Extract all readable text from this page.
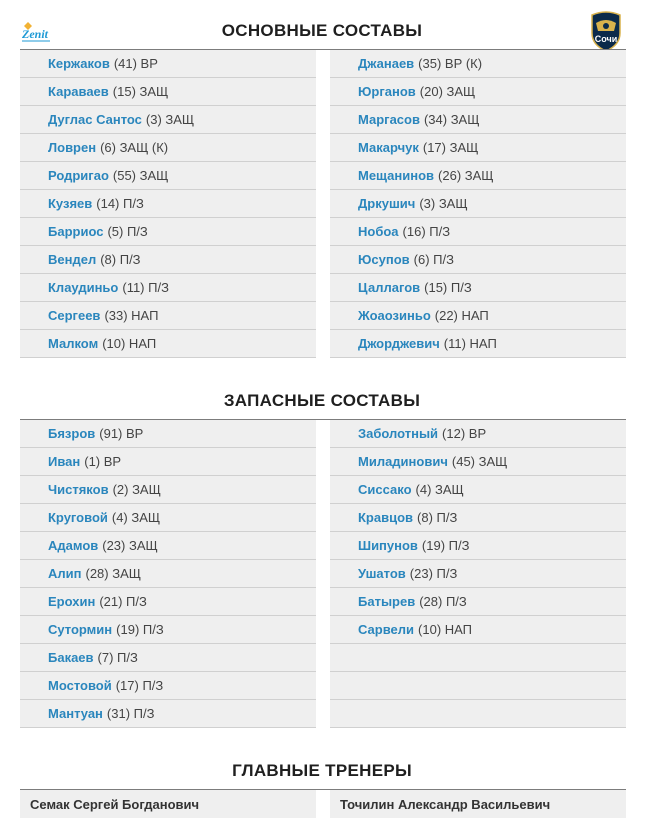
Zenit	Сочи
ОСНОВНЫЕ СОСТАВЫ
Кержаков (41) ВР
Караваев (15) ЗАЩ
Дуглас Сантос (3) ЗАЩ
Ловрен (6) ЗАЩ (К)
Родригао (55) ЗАЩ
Кузяев (14) П/З
Барриос (5) П/З
Вендел (8) П/З
Клаудиньо (11) П/З
Сергеев (33) НАП
Малком (10) НАП
Джанаев (35) ВР (К)
Юрганов (20) ЗАЩ
Маргасов (34) ЗАЩ
Макарчук (17) ЗАЩ
Мещанинов (26) ЗАЩ
Дркушич (3) ЗАЩ
Нобоа (16) П/З
Юсупов (6) П/З
Цаллагов (15) П/З
Жоаозиньо (22) НАП
Джорджевич (11) НАП
ЗАПАСНЫЕ СОСТАВЫ
Бязров (91) ВР
Иван (1) ВР
Чистяков (2) ЗАЩ
Круговой (4) ЗАЩ
Адамов (23) ЗАЩ
Алип (28) ЗАЩ
Ерохин (21) П/З
Сутормин (19) П/З
Бакаев (7) П/З
Мостовой (17) П/З
Мантуан (31) П/З
Заболотный (12) ВР
Миладинович (45) ЗАЩ
Сиссако (4) ЗАЩ
Кравцов (8) П/З
Шипунов (19) П/З
Ушатов (23) П/З
Батырев (28) П/З
Сарвели (10) НАП
ГЛАВНЫЕ ТРЕНЕРЫ
Семак Сергей Богданович	Точилин Александр Васильевич
